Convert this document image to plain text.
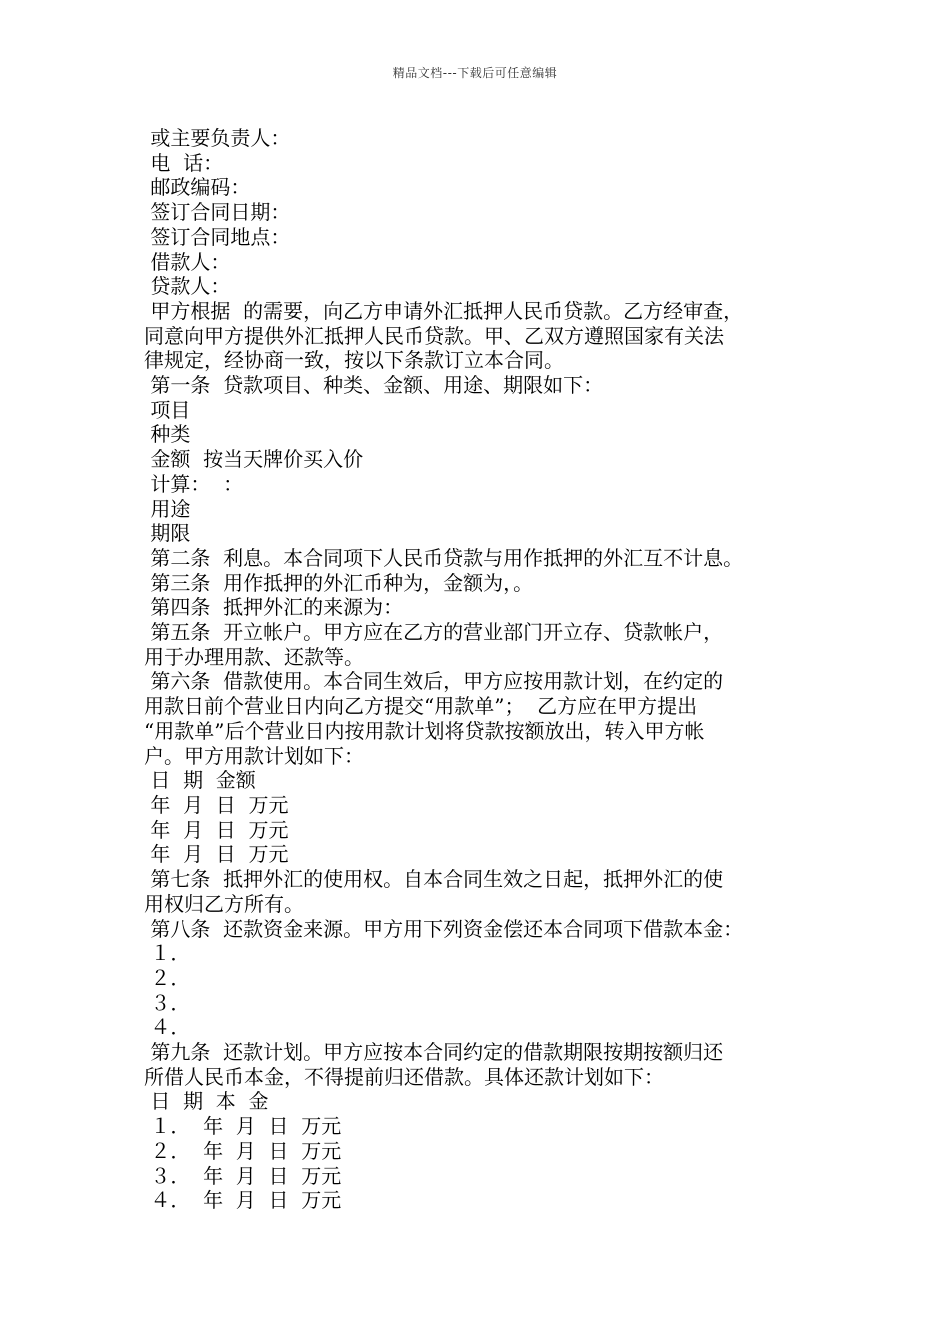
精品文档---下载后可任意编辑

或主要负责人：

电  话：

邮政编码：

签订合同日期：

签订合同地点：

借款人：

贷款人：

甲方根据  的需要，向乙方申请外汇抵押人民币贷款。乙方经审查，

同意向甲方提供外汇抵押人民币贷款。甲、乙双方遵照国家有关法

律规定，经协商一致，按以下条款订立本合同。

第一条  贷款项目、种类、金额、用途、期限如下：

项目

种类

金额  按当天牌价买入价

计算：  ：

用途

期限

第二条  利息。本合同项下人民币贷款与用作抵押的外汇互不计息。

第三条  用作抵押的外汇币种为，金额为，。

第四条  抵押外汇的来源为：

第五条  开立帐户。甲方应在乙方的营业部门开立存、贷款帐户，

用于办理用款、还款等。

第六条  借款使用。本合同生效后，甲方应按用款计划，在约定的

用款日前个营业日内向乙方提交“用款单”；  乙方应在甲方提出

“用款单”后个营业日内按用款计划将贷款按额放出，转入甲方帐

户。甲方用款计划如下：

日  期  金额

年  月  日  万元

年  月  日  万元

年  月  日  万元

第七条  抵押外汇的使用权。自本合同生效之日起，抵押外汇的使

用权归乙方所有。

第八条  还款资金来源。甲方用下列资金偿还本合同项下借款本金：

１．

２．

３．

４．

第九条  还款计划。甲方应按本合同约定的借款期限按期按额归还

所借人民币本金，不得提前归还借款。具体还款计划如下：

日  期  本  金

１．  年  月  日  万元

２．  年  月  日  万元

３．  年  月  日  万元

４．  年  月  日  万元
